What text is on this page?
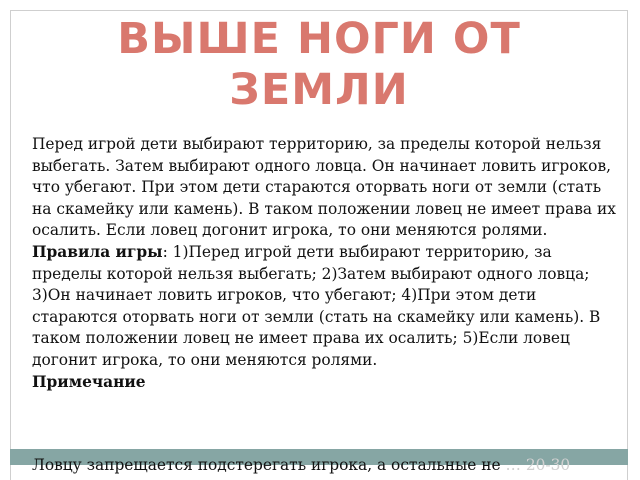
ВЫШЕ НОГИ ОТ
ЗЕМЛИ

Перед игрой дети выбирают территорию, за пределы которой нельзя выбегать. Затем выбирают одного ловца. Он начинает ловить игроков, что убегают. При этом дети стараются оторвать ноги от земли (стать на скамейку или камень). В таком положении ловец не имеет права их осалить. Если ловец догонит игрока, то они меняются ролями.

Правила игры: 1)Перед игрой дети выбирают территорию, за пределы которой нельзя выбегать; 2)Затем выбирают одного ловца; 3)Он начинает ловить игроков, что убегают; 4)При этом дети стараются оторвать ноги от земли (стать на скамейку или камень). В таком положении ловец не имеет права их осалить; 5)Если ловец догонит игрока, то они меняются ролями.

Примечание

Ловцу запрещается подстерегать игрока, а остальные не … 20-30
